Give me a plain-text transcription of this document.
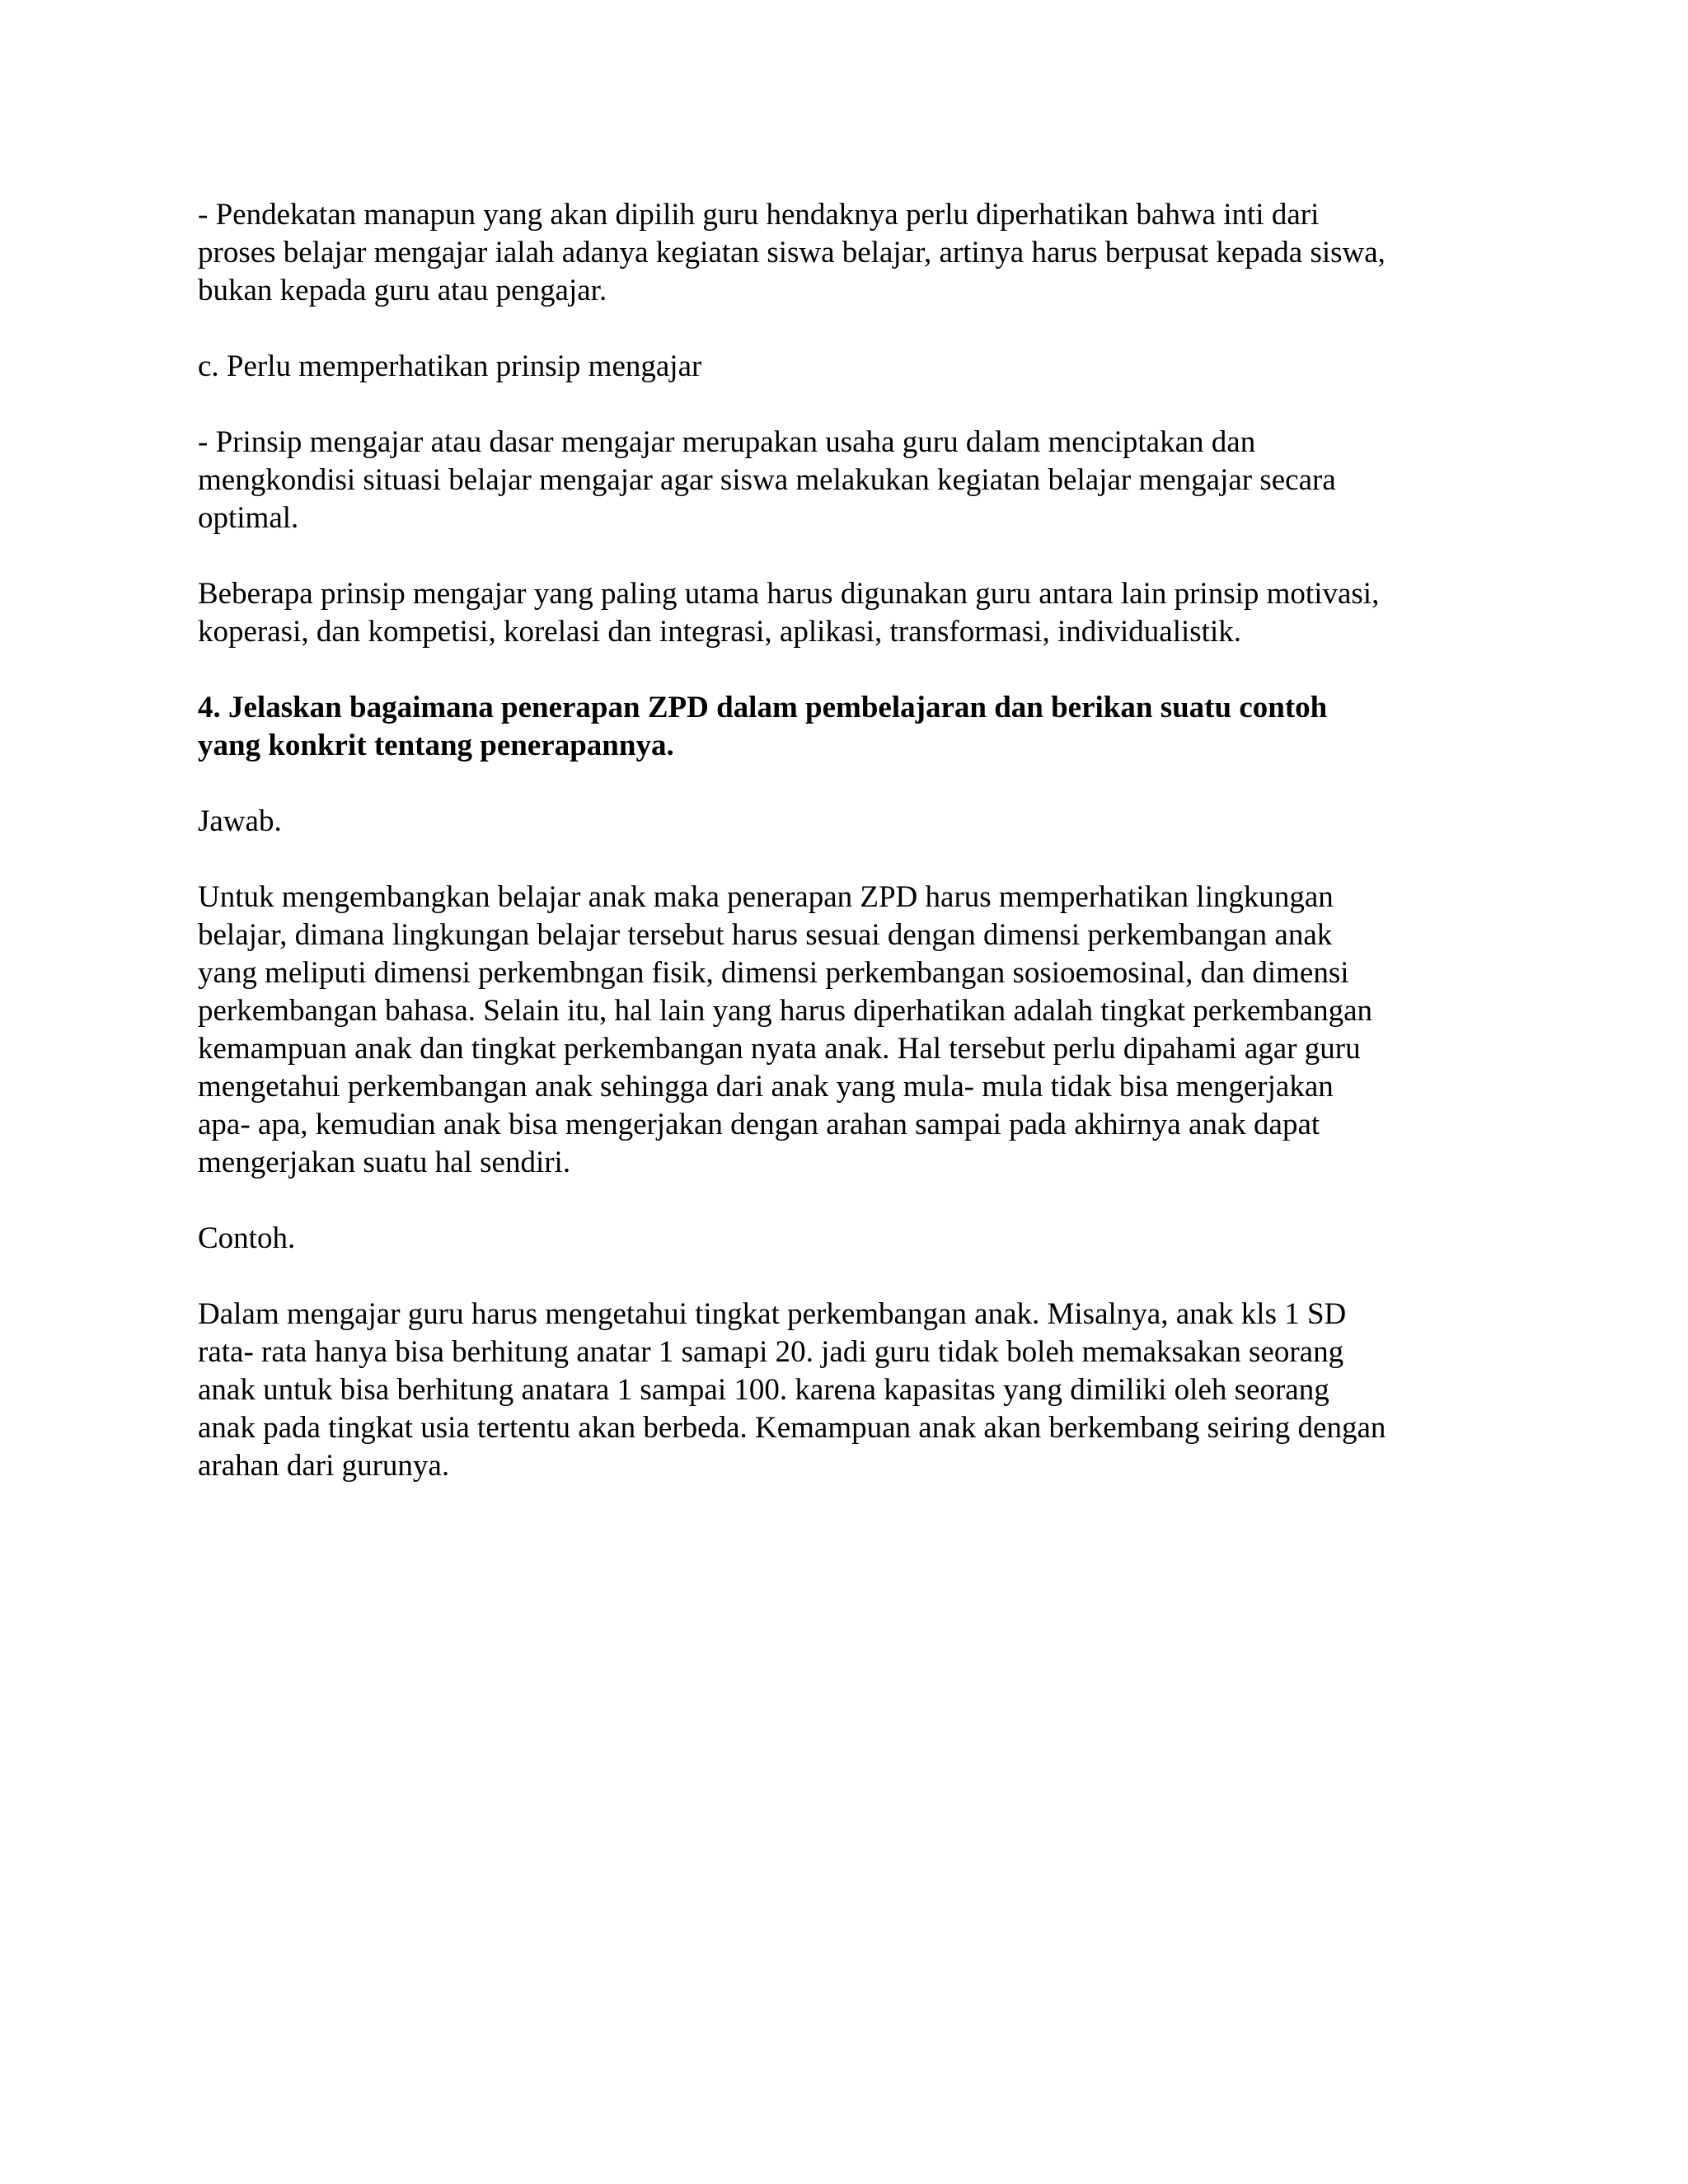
- Pendekatan manapun yang akan dipilih guru hendaknya perlu diperhatikan bahwa inti dari
proses belajar mengajar ialah adanya kegiatan siswa belajar, artinya harus berpusat kepada siswa,
bukan kepada guru atau pengajar.

c. Perlu memperhatikan prinsip mengajar

- Prinsip mengajar atau dasar mengajar merupakan usaha guru dalam menciptakan dan
mengkondisi situasi belajar mengajar agar siswa melakukan kegiatan belajar mengajar secara
optimal.

Beberapa prinsip mengajar yang paling utama harus digunakan guru antara lain prinsip motivasi,
koperasi, dan kompetisi, korelasi dan integrasi, aplikasi, transformasi, individualistik.

4. Jelaskan bagaimana penerapan ZPD dalam pembelajaran dan berikan suatu contoh
yang konkrit tentang penerapannya.

Jawab.

Untuk mengembangkan belajar anak maka penerapan ZPD harus memperhatikan lingkungan
belajar, dimana lingkungan belajar tersebut harus sesuai dengan dimensi perkembangan anak
yang meliputi dimensi perkembngan fisik, dimensi perkembangan sosioemosinal, dan dimensi
perkembangan bahasa. Selain itu, hal lain yang harus diperhatikan adalah tingkat perkembangan
kemampuan anak dan tingkat perkembangan nyata anak. Hal tersebut perlu dipahami agar guru
mengetahui perkembangan anak sehingga dari anak yang mula- mula tidak bisa mengerjakan
apa- apa, kemudian anak bisa mengerjakan dengan arahan sampai pada akhirnya anak dapat
mengerjakan suatu hal sendiri.

Contoh.

Dalam mengajar guru harus mengetahui tingkat perkembangan anak. Misalnya, anak kls 1 SD
rata- rata hanya bisa berhitung anatar 1 samapi 20. jadi guru tidak boleh memaksakan seorang
anak untuk bisa berhitung anatara 1 sampai 100. karena kapasitas yang dimiliki oleh seorang
anak pada tingkat usia tertentu akan berbeda. Kemampuan anak akan berkembang seiring dengan
arahan dari gurunya.
